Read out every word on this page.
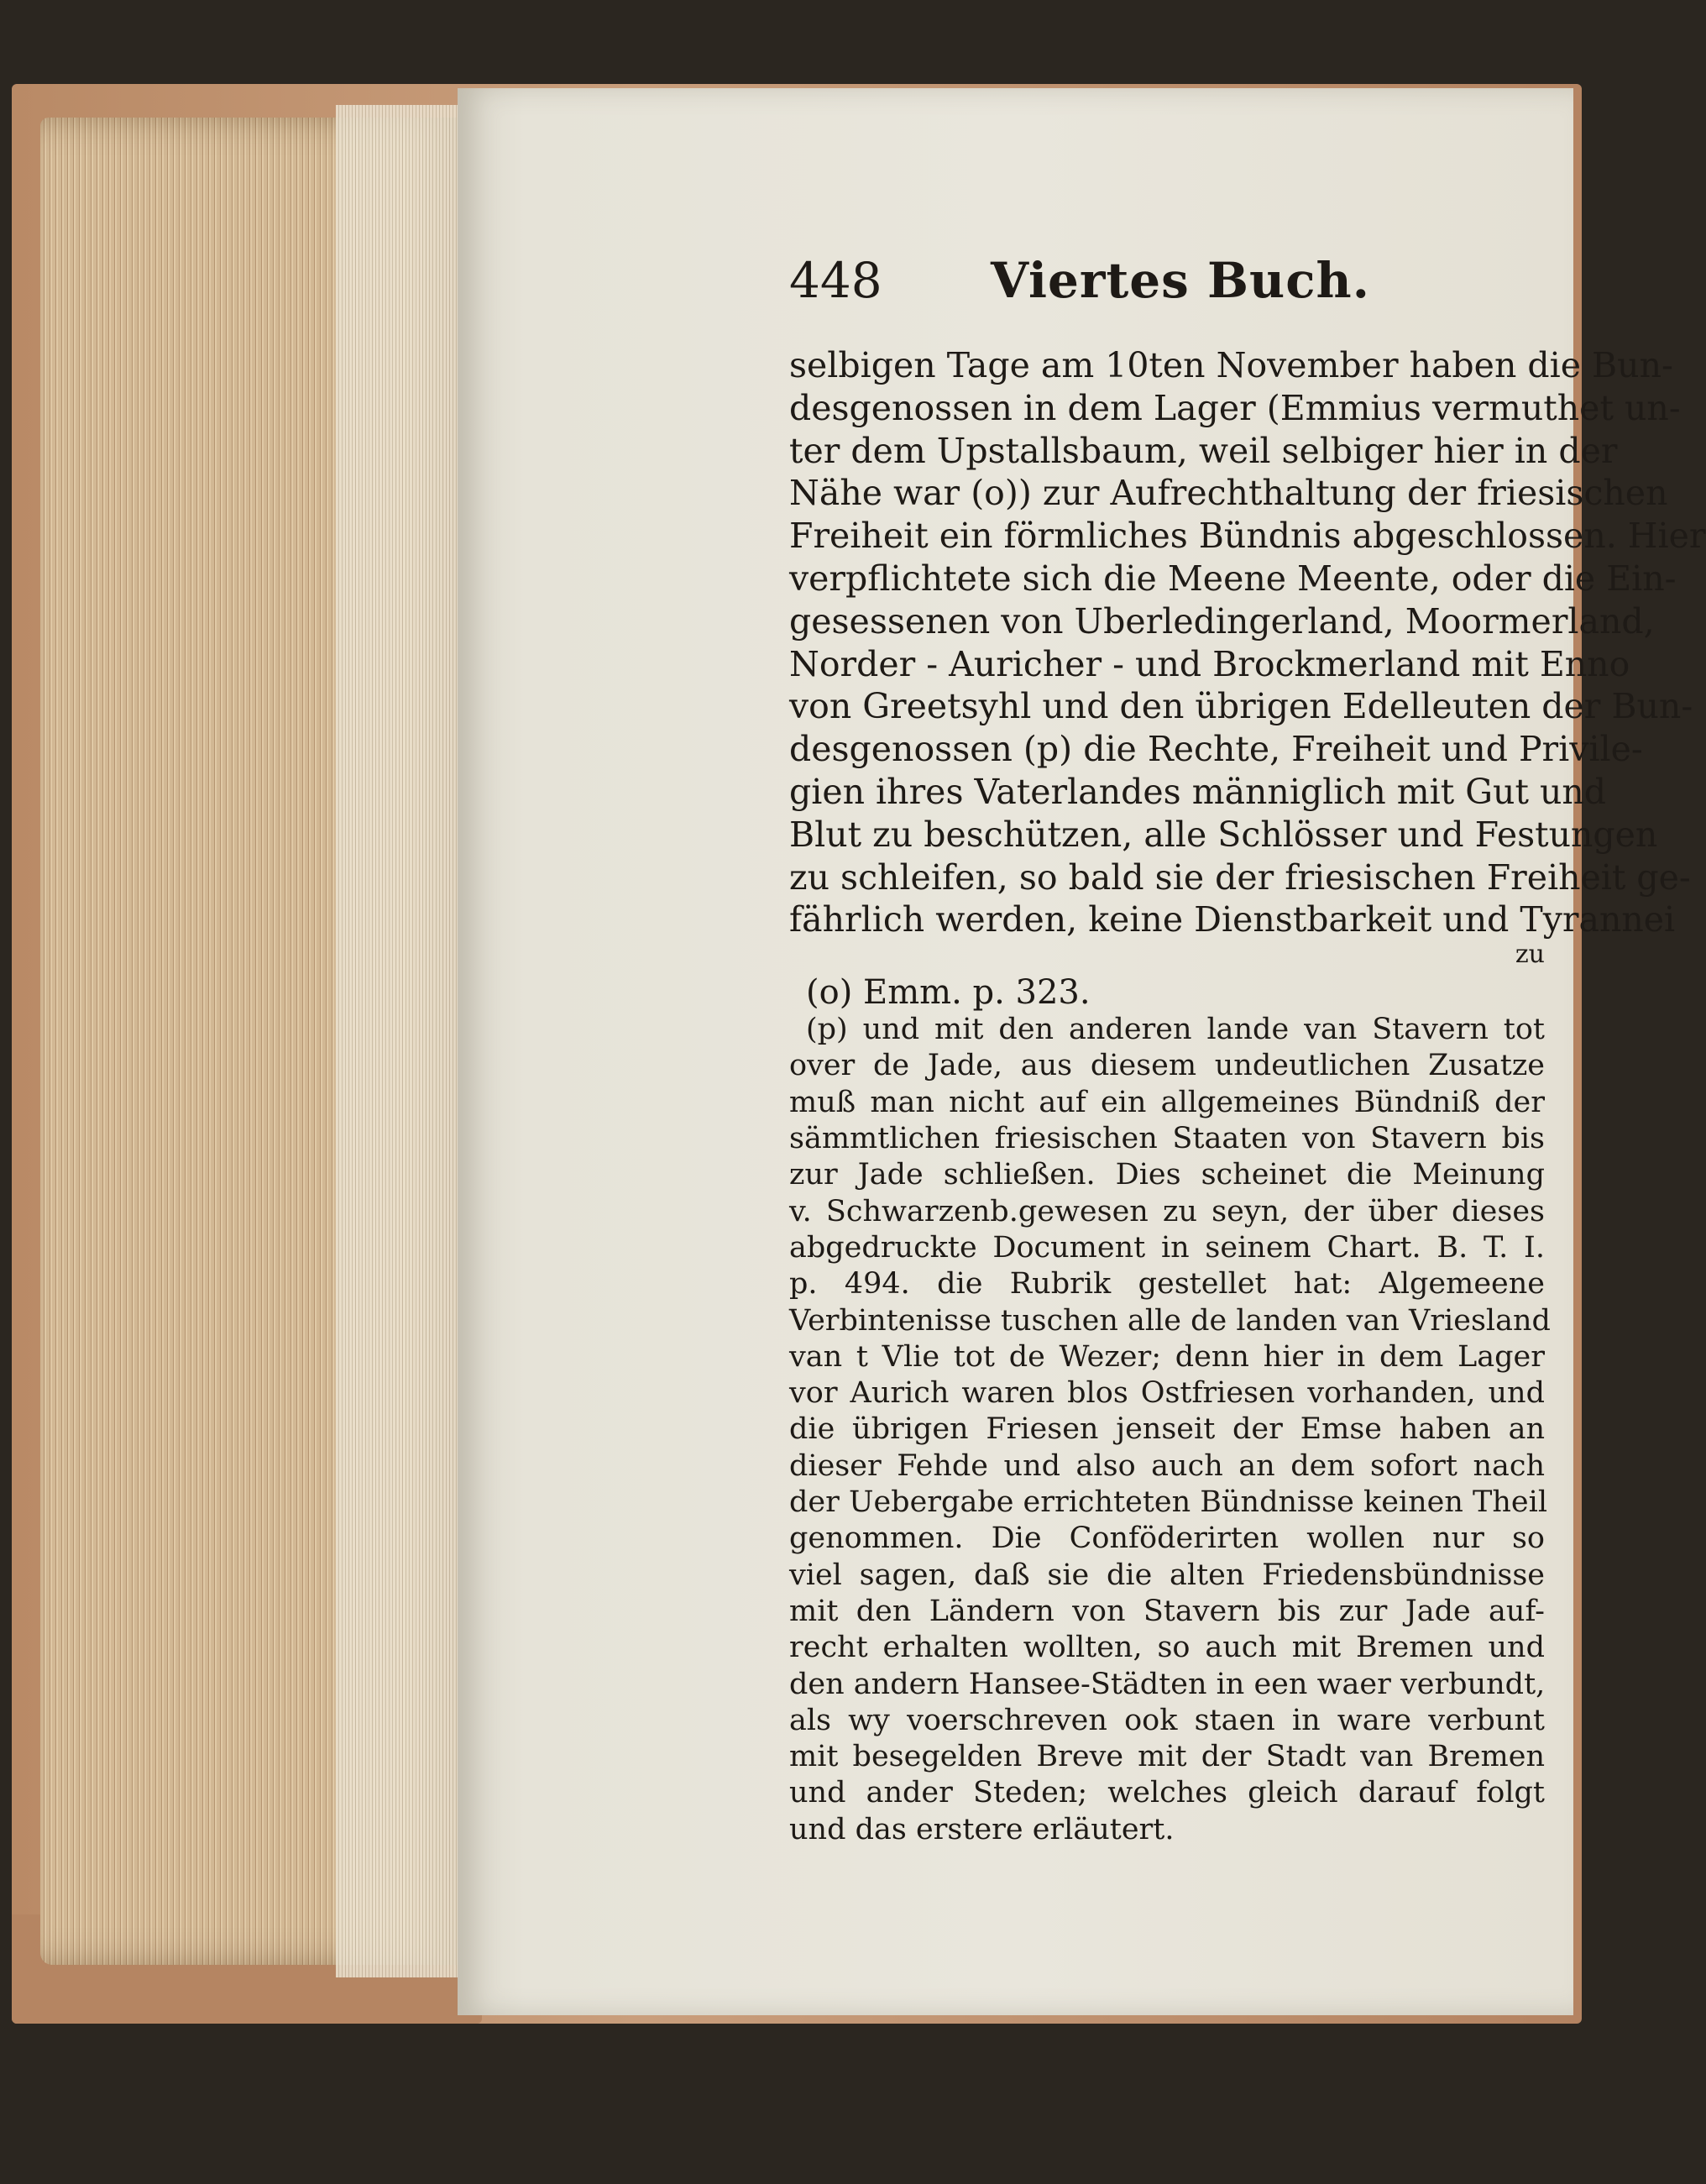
448	Viertes Buch.
selbigen Tage am 10ten November haben die Bun-
desgenossen in dem Lager (Emmius vermuthet un-
ter dem Upstallsbaum, weil selbiger hier in der
Nähe war (o)) zur Aufrechthaltung der friesischen
Freiheit ein förmliches Bündnis abgeschlossen. Hier
verpflichtete sich die Meene Meente, oder die Ein-
gesessenen von Uberledingerland, Moormerland,
Norder - Auricher - und Brockmerland mit Enno
von Greetsyhl und den übrigen Edelleuten der Bun-
desgenossen (p) die Rechte, Freiheit und Privile-
gien ihres Vaterlandes männiglich mit Gut und
Blut zu beschützen, alle Schlösser und Festungen
zu schleifen, so bald sie der friesischen Freiheit ge-
fährlich werden, keine Dienstbarkeit und Tyrannei
zu
(o) Emm. p. 323.
(p) und mit den anderen lande van Stavern tot
over de Jade, aus diesem undeutlichen Zusatze
muß man nicht auf ein allgemeines Bündniß der
sämmtlichen friesischen Staaten von Stavern bis
zur Jade schließen. Dies scheinet die Meinung
v. Schwarzenb.gewesen zu seyn, der über dieses
abgedruckte Document in seinem Chart. B. T. I.
p. 494. die Rubrik gestellet hat: Algemeene
Verbintenisse tuschen alle de landen van Vriesland
van t Vlie tot de Wezer; denn hier in dem Lager
vor Aurich waren blos Ostfriesen vorhanden, und
die übrigen Friesen jenseit der Emse haben an
dieser Fehde und also auch an dem sofort nach
der Uebergabe errichteten Bündnisse keinen Theil
genommen. Die Conföderirten wollen nur so
viel sagen, daß sie die alten Friedensbündnisse
mit den Ländern von Stavern bis zur Jade auf-
recht erhalten wollten, so auch mit Bremen und
den andern Hansee-Städten in een waer verbundt,
als wy voerschreven ook staen in ware verbunt
mit besegelden Breve mit der Stadt van Bremen
und ander Steden; welches gleich darauf folgt
und das erstere erläutert.
